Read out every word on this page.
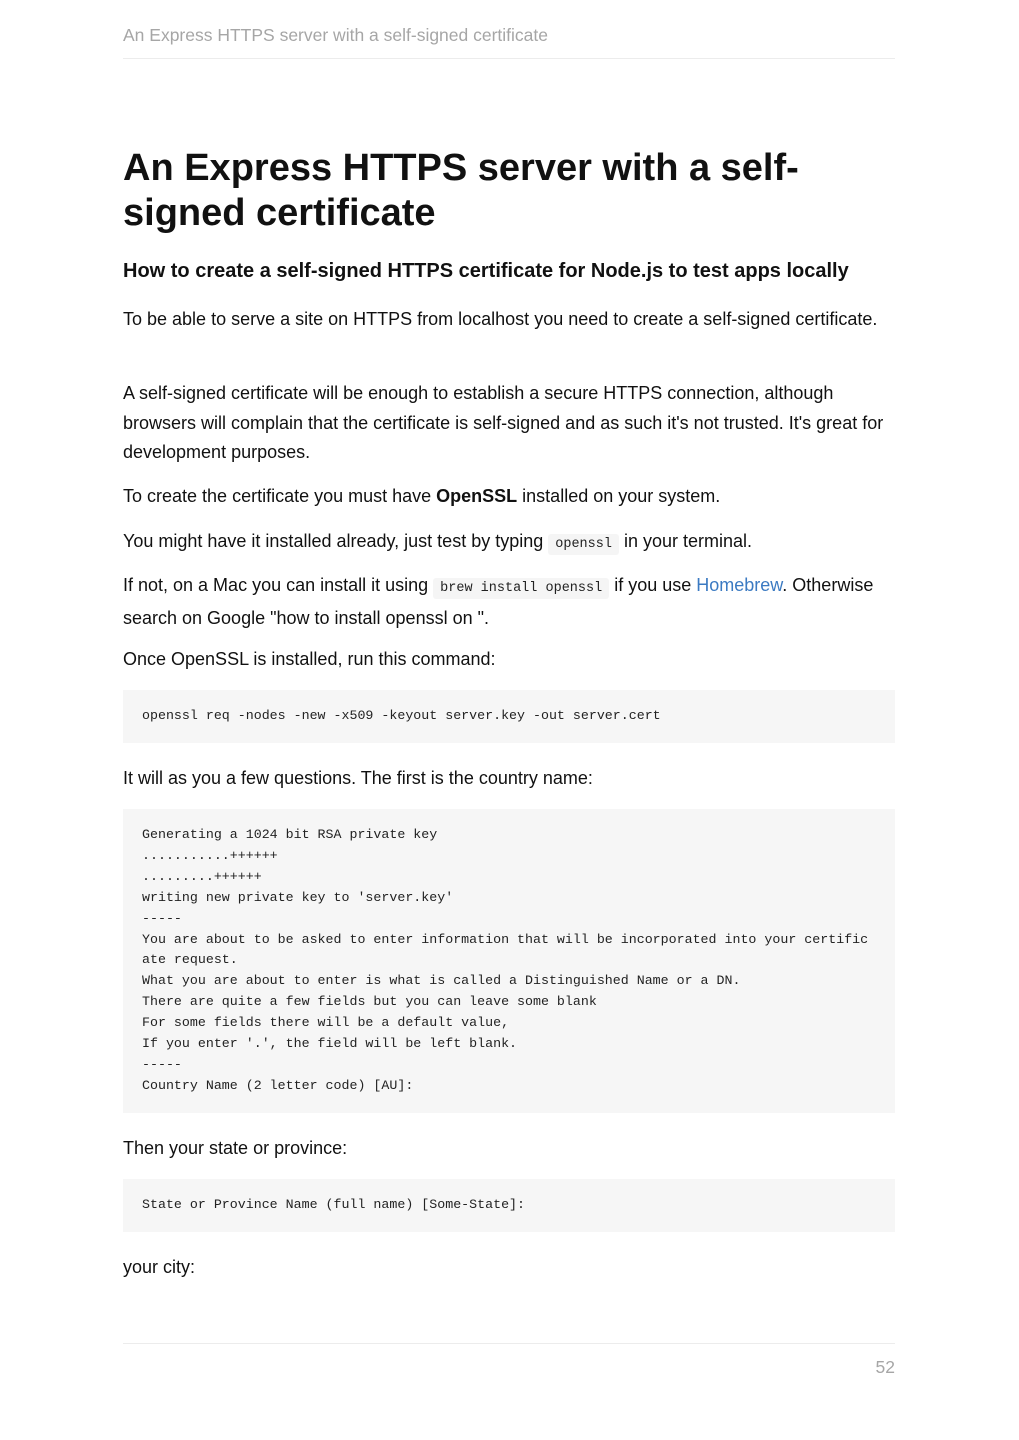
An Express HTTPS server with a self-signed certificate
An Express HTTPS server with a self-signed certificate
How to create a self-signed HTTPS certificate for Node.js to test apps locally

To be able to serve a site on HTTPS from localhost you need to create a self-signed certificate.

A self-signed certificate will be enough to establish a secure HTTPS connection, although browsers will complain that the certificate is self-signed and as such it's not trusted. It's great for development purposes.

To create the certificate you must have OpenSSL installed on your system.

You might have it installed already, just test by typing openssl in your terminal.

If not, on a Mac you can install it using brew install openssl if you use Homebrew. Otherwise search on Google "how to install openssl on ".

Once OpenSSL is installed, run this command:

openssl req -nodes -new -x509 -keyout server.key -out server.cert

It will as you a few questions. The first is the country name:

Generating a 1024 bit RSA private key
...........++++++
.........++++++
writing new private key to 'server.key'
-----
You are about to be asked to enter information that will be incorporated into your certificate request.
What you are about to enter is what is called a Distinguished Name or a DN.
There are quite a few fields but you can leave some blank
For some fields there will be a default value,
If you enter '.', the field will be left blank.
-----
Country Name (2 letter code) [AU]:

Then your state or province:

State or Province Name (full name) [Some-State]:

your city:

52
